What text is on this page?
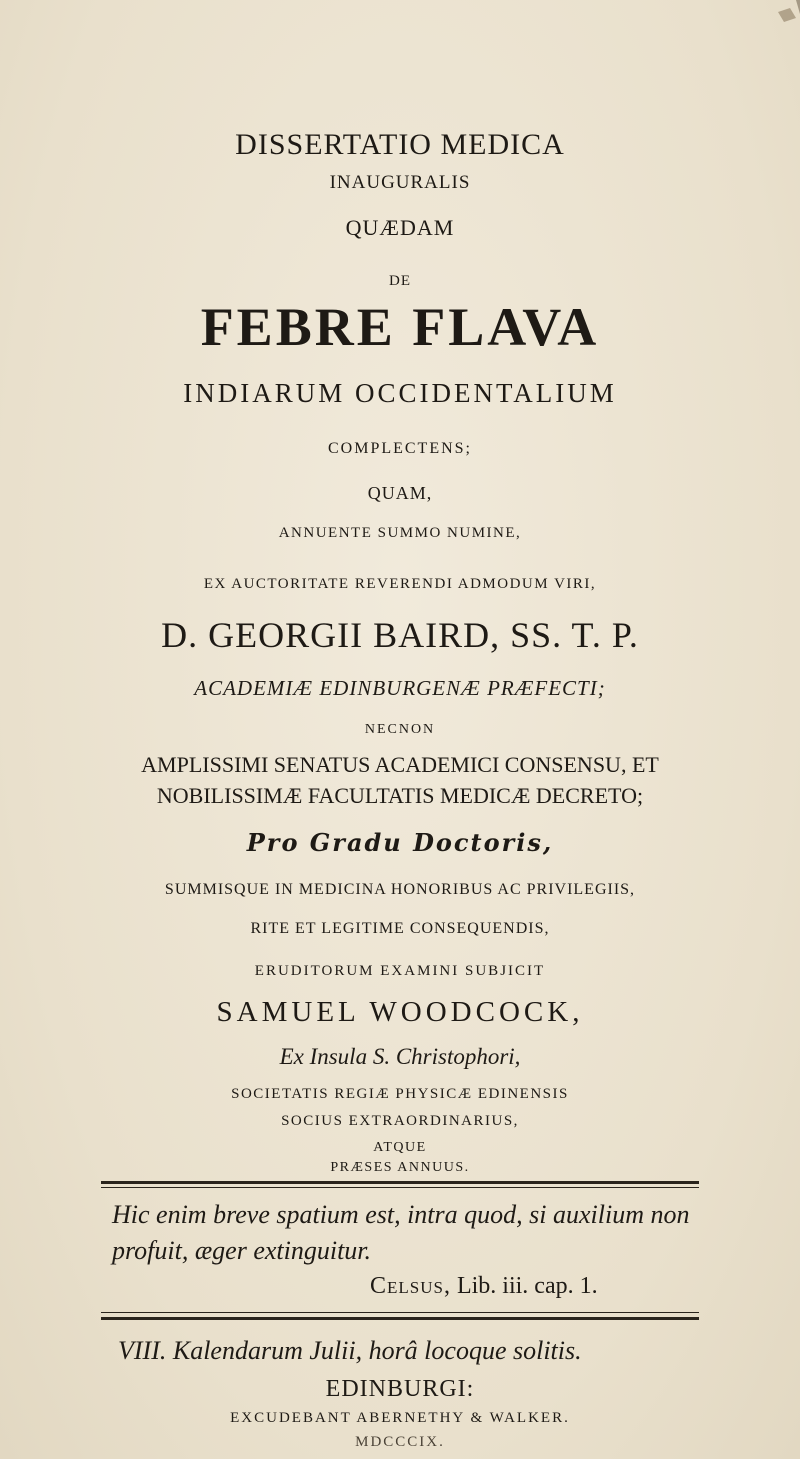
DISSERTATIO MEDICA
INAUGURALIS
QUÆDAM
DE
FEBRE FLAVA
INDIARUM OCCIDENTALIUM
COMPLECTENS;
QUAM,
ANNUENTE SUMMO NUMINE,
EX AUCTORITATE REVERENDI ADMODUM VIRI,
D. GEORGII BAIRD, SS. T. P.
ACADEMIÆ EDINBURGENÆ PRÆFECTI;
NECNON
AMPLISSIMI SENATUS ACADEMICI CONSENSU, ET
NOBILISSIMÆ FACULTATIS MEDICÆ DECRETO;
Pro Gradu Doctoris,
SUMMISQUE IN MEDICINA HONORIBUS AC PRIVILEGIIS,
RITE ET LEGITIME CONSEQUENDIS,
ERUDITORUM EXAMINI SUBJICIT
SAMUEL WOODCOCK,
Ex Insula S. Christophori,
SOCIETATIS REGIÆ PHYSICÆ EDINENSIS
SOCIUS EXTRAORDINARIUS,
ATQUE
PRÆSES ANNUUS.
Hic enim breve spatium est, intra quod, si auxilium non
profuit, æger extinguitur.
Celsus, Lib. iii. cap. 1.
VIII. Kalendarum Julii, horâ locoque solitis.
EDINBURGI:
EXCUDEBANT ABERNETHY & WALKER.
MDCCCIX.
